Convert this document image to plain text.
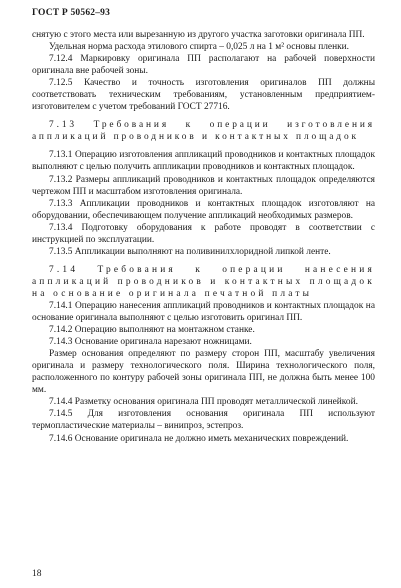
ГОСТ Р 50562–93

снятую с этого места или вырезанную из другого участка заготовки оригинала ПП.

Удельная норма расхода этилового спирта – 0,025 л на 1 м² основы пленки.

7.12.4 Маркировку оригинала ПП располагают на рабочей поверхности оригинала вне рабочей зоны.

7.12.5 Качество и точность изготовления оригиналов ПП должны соответствовать техническим требованиям, установленным предприятием-изготовителем с учетом требований ГОСТ 27716.

7.13 Требования к операции изготовления аппликаций проводников и контактных площадок

7.13.1 Операцию изготовления аппликаций проводников и контактных площадок выполняют с целью получить аппликации проводников и контактных площадок.

7.13.2 Размеры аппликаций проводников и контактных площадок определяются чертежом ПП и масштабом изготовления оригинала.

7.13.3 Аппликации проводников и контактных площадок изготовляют на оборудовании, обеспечивающем получение аппликаций необходимых размеров.

7.13.4 Подготовку оборудования к работе проводят в соответствии с инструкцией по эксплуатации.

7.13.5 Аппликации выполняют на поливинилхлоридной липкой ленте.

7.14 Требования к операции нанесения аппликаций проводников и контактных площадок на основание оригинала печатной платы

7.14.1 Операцию нанесения аппликаций проводников и контактных площадок на основание оригинала выполняют с целью изготовить оригинал ПП.

7.14.2 Операцию выполняют на монтажном станке.

7.14.3 Основание оригинала нарезают ножницами.

Размер основания определяют по размеру сторон ПП, масштабу увеличения оригинала и размеру технологического поля. Ширина технологического поля, расположенного по контуру рабочей зоны оригинала ПП, не должна быть менее 100 мм.

7.14.4 Разметку основания оригинала ПП проводят металлической линейкой.

7.14.5 Для изготовления основания оригинала ПП используют термопластические материалы – винипроз, эстепроз.

7.14.6 Основание оригинала не должно иметь механических повреждений.

18
